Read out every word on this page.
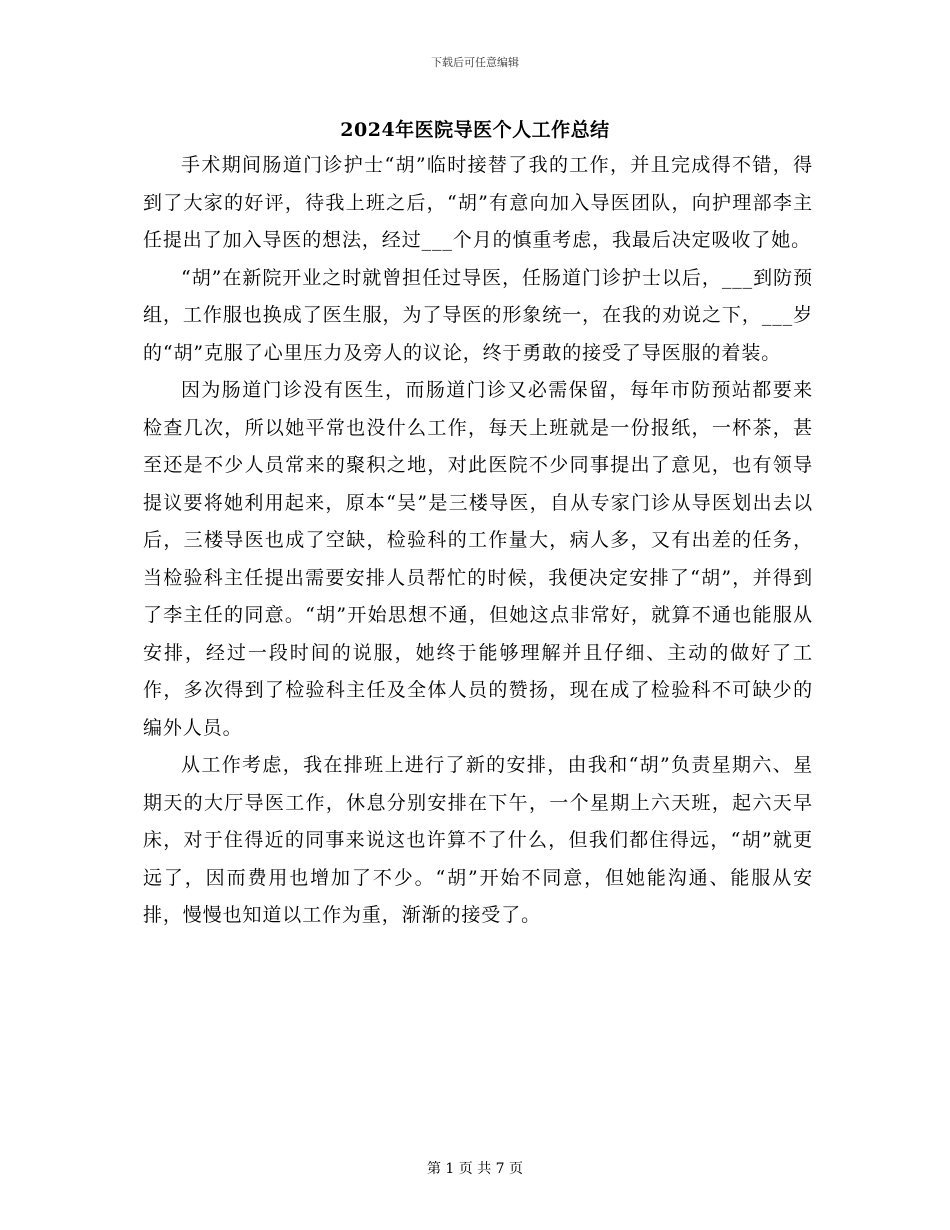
下载后可任意编辑
2024年医院导医个人工作总结

手术期间肠道门诊护士“胡”临时接替了我的工作，并且完成得不错，得到了大家的好评，待我上班之后，“胡”有意向加入导医团队，向护理部李主任提出了加入导医的想法，经过___个月的慎重考虑，我最后决定吸收了她。

“胡”在新院开业之时就曾担任过导医，任肠道门诊护士以后，___到防预组，工作服也换成了医生服，为了导医的形象统一，在我的劝说之下，___岁的“胡”克服了心里压力及旁人的议论，终于勇敢的接受了导医服的着装。

因为肠道门诊没有医生，而肠道门诊又必需保留，每年市防预站都要来检查几次，所以她平常也没什么工作，每天上班就是一份报纸，一杯茶，甚至还是不少人员常来的聚积之地，对此医院不少同事提出了意见，也有领导提议要将她利用起来，原本“吴”是三楼导医，自从专家门诊从导医划出去以后，三楼导医也成了空缺，检验科的工作量大，病人多，又有出差的任务，当检验科主任提出需要安排人员帮忙的时候，我便决定安排了“胡”，并得到了李主任的同意。“胡”开始思想不通，但她这点非常好，就算不通也能服从安排，经过一段时间的说服，她终于能够理解并且仔细、主动的做好了工作，多次得到了检验科主任及全体人员的赞扬，现在成了检验科不可缺少的编外人员。

从工作考虑，我在排班上进行了新的安排，由我和“胡”负责星期六、星期天的大厅导医工作，休息分别安排在下午，一个星期上六天班，起六天早床，对于住得近的同事来说这也许算不了什么，但我们都住得远，“胡”就更远了，因而费用也增加了不少。“胡”开始不同意，但她能沟通、能服从安排，慢慢也知道以工作为重，渐渐的接受了。

第 1 页 共 7 页
